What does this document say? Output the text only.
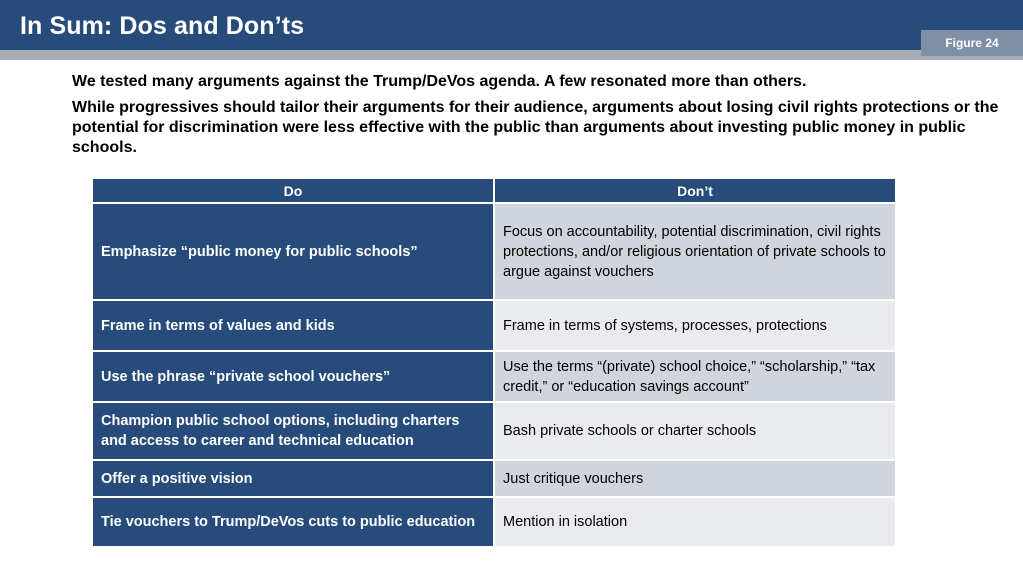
In Sum: Dos and Don’ts
Figure 24

We tested many arguments against the Trump/DeVos agenda. A few resonated more than others.

While progressives should tailor their arguments for their audience, arguments about losing civil rights protections or the potential for discrimination were less effective with the public than arguments about investing public money in public schools.

Do	Don’t
Emphasize “public money for public schools”	Focus on accountability, potential discrimination, civil rights protections, and/or religious orientation of private schools to argue against vouchers
Frame in terms of values and kids	Frame in terms of systems, processes, protections
Use the phrase “private school vouchers”	Use the terms “(private) school choice,” “scholarship,” “tax credit,” or “education savings account”
Champion public school options, including charters and access to career and technical education	Bash private schools or charter schools
Offer a positive vision	Just critique vouchers
Tie vouchers to Trump/DeVos cuts to public education	Mention in isolation
